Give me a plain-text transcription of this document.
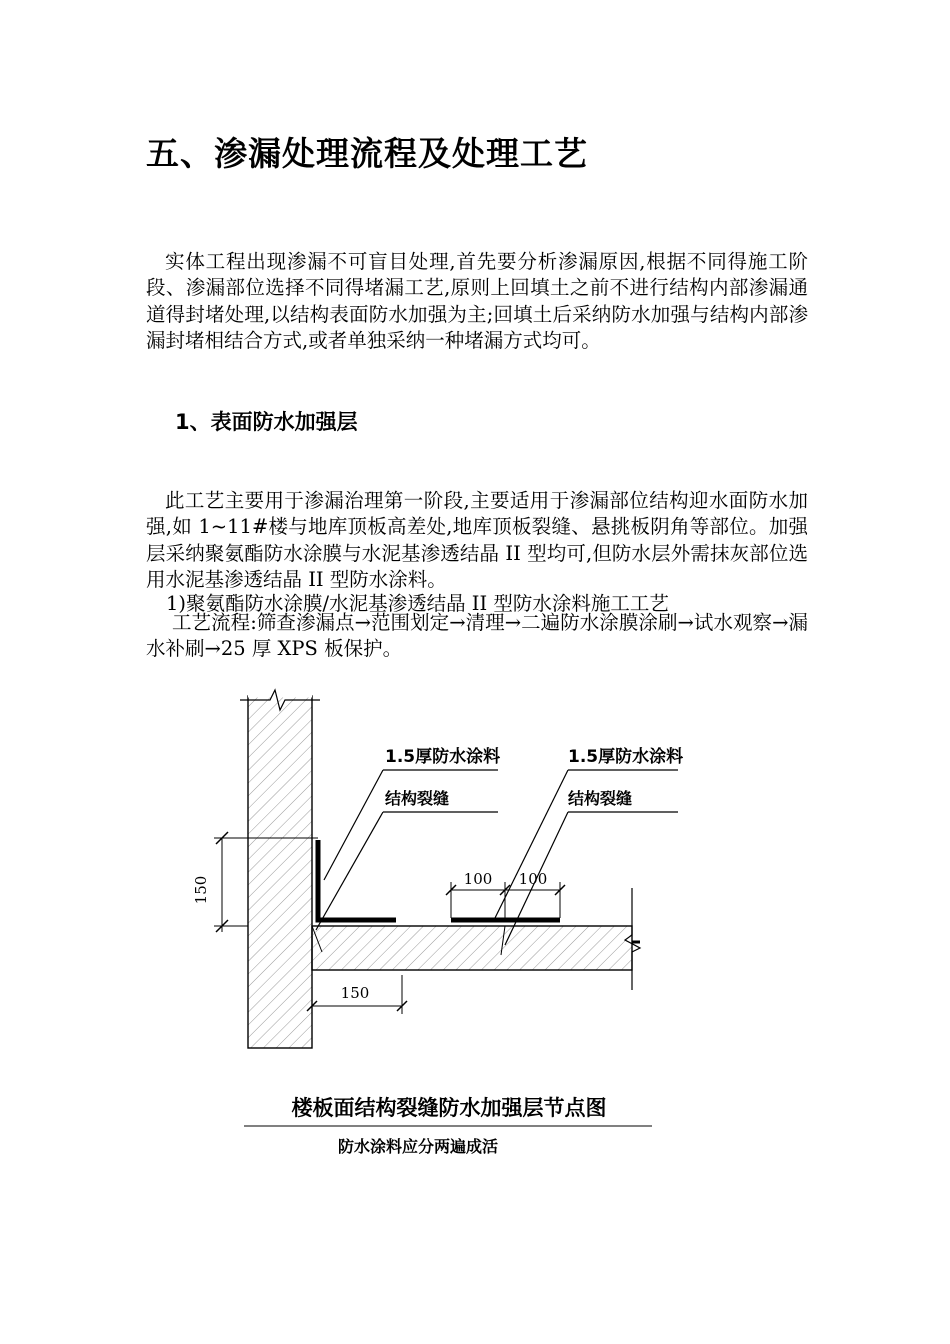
五、渗漏处理流程及处理工艺

实体工程出现渗漏不可盲目处理,首先要分析渗漏原因,根据不同得施工阶段、渗漏部位选择不同得堵漏工艺,原则上回填土之前不进行结构内部渗漏通道得封堵处理,以结构表面防水加强为主;回填土后采纳防水加强与结构内部渗漏封堵相结合方式,或者单独采纳一种堵漏方式均可。

1、表面防水加强层

此工艺主要用于渗漏治理第一阶段,主要适用于渗漏部位结构迎水面防水加强,如 1~11#楼与地库顶板高差处,地库顶板裂缝、悬挑板阴角等部位。加强层采纳聚氨酯防水涂膜与水泥基渗透结晶 II 型均可,但防水层外需抹灰部位选用水泥基渗透结晶 II 型防水涂料。

1)聚氨酯防水涂膜/水泥基渗透结晶 II 型防水涂料施工工艺

工艺流程:筛查渗漏点→范围划定→清理→二遍防水涂膜涂刷→试水观察→漏水补刷→25 厚 XPS 板保护。

1.5厚防水涂料
结构裂缝
1.5厚防水涂料
结构裂缝
150	100 100
150
楼板面结构裂缝防水加强层节点图
防水涂料应分两遍成活
